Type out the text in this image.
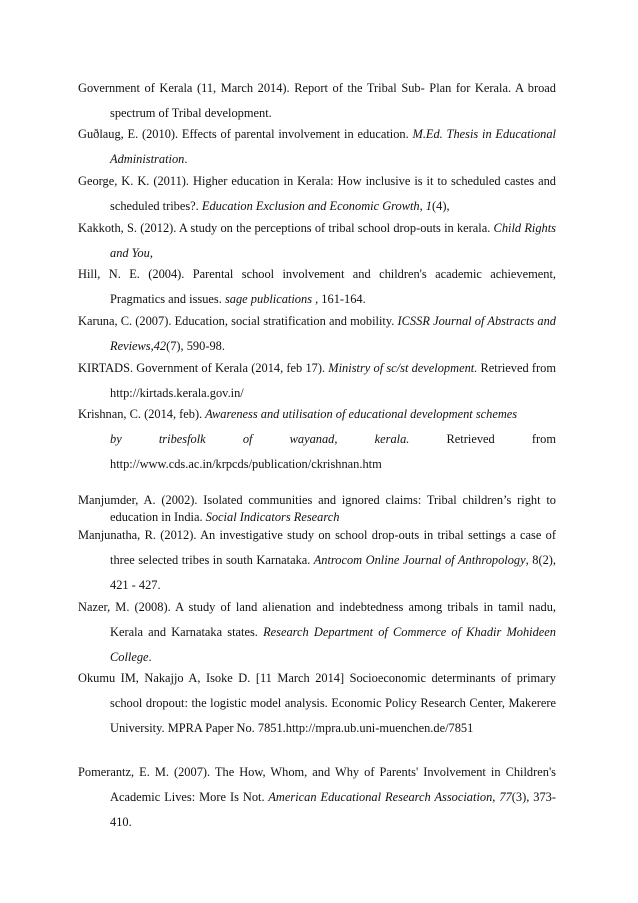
Government of Kerala (11, March 2014). Report of the Tribal Sub- Plan for Kerala. A broad spectrum of Tribal development.

Guðlaug, E. (2010). Effects of parental involvement in education. M.Ed. Thesis in Educational Administration.

George, K. K. (2011). Higher education in Kerala: How inclusive is it to scheduled castes and scheduled tribes?. Education Exclusion and Economic Growth, 1(4),

Kakkoth, S. (2012). A study on the perceptions of tribal school drop-outs in kerala. Child Rights and You,

Hill, N. E. (2004). Parental school involvement and children's academic achievement, Pragmatics and issues. sage publications , 161-164.

Karuna, C. (2007). Education, social stratification and mobility. ICSSR Journal of Abstracts and Reviews,42(7), 590-98.

KIRTADS. Government of Kerala (2014, feb 17). Ministry of sc/st development. Retrieved from http://kirtads.kerala.gov.in/

Krishnan, C. (2014, feb). Awareness and utilisation of educational development schemes
by	tribesfolk	of	wayanad,	kerala.	Retrieved	from
http://www.cds.ac.in/krpcds/publication/ckrishnan.htm

Manjumder, A. (2002). Isolated communities and ignored claims: Tribal children’s right to education in India. Social Indicators Research

Manjunatha, R. (2012). An investigative study on school drop-outs in tribal settings a case of three selected tribes in south Karnataka. Antrocom Online Journal of Anthropology, 8(2), 421 - 427.

Nazer, M. (2008). A study of land alienation and indebtedness among tribals in tamil nadu, Kerala and Karnataka states. Research Department of Commerce of Khadir Mohideen College.

Okumu IM, Nakajjo A, Isoke D. [11 March 2014] Socioeconomic determinants of primary school dropout: the logistic model analysis. Economic Policy Research Center, Makerere University. MPRA Paper No. 7851.http://mpra.ub.uni-muenchen.de/7851

Pomerantz, E. M. (2007). The How, Whom, and Why of Parents' Involvement in Children's Academic Lives: More Is Not. American Educational Research Association, 77(3), 373-410.
